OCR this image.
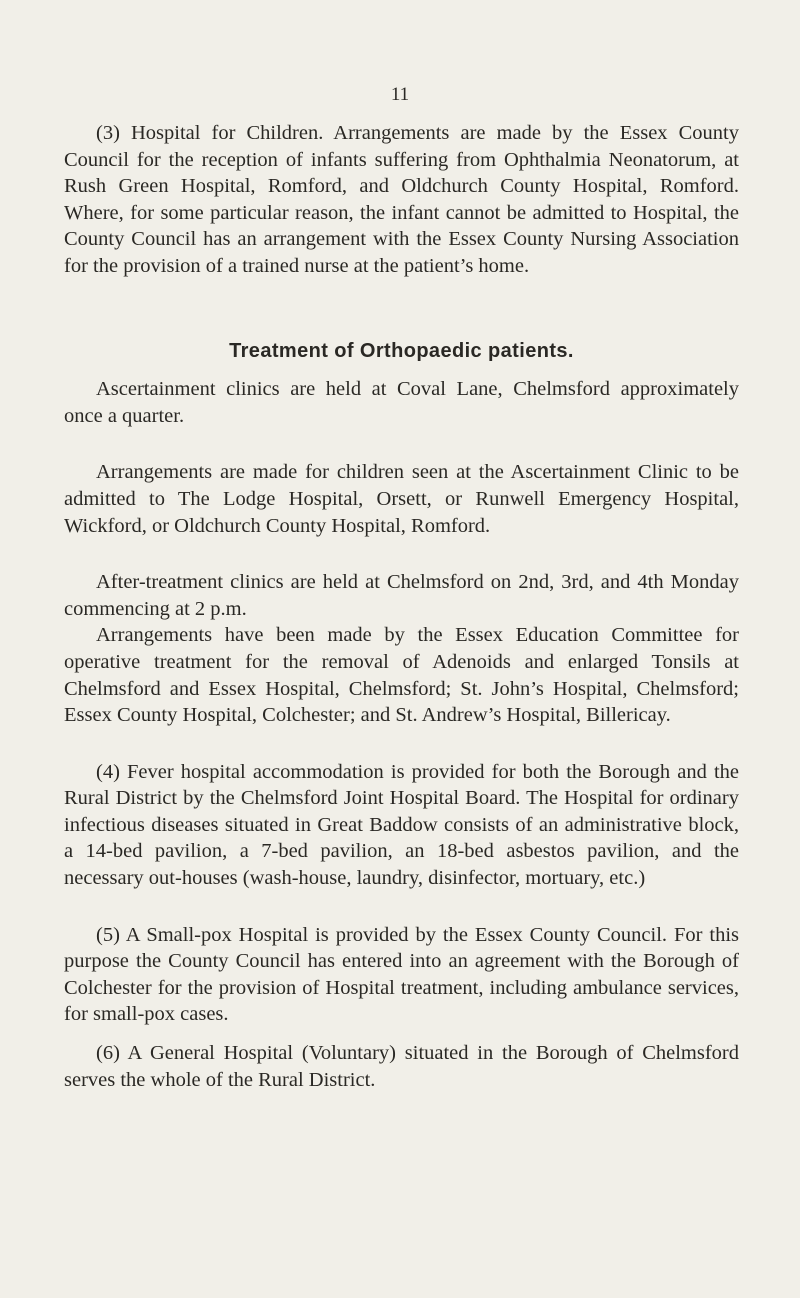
11

(3) Hospital for Children. Arrangements are made by the Essex County Council for the reception of infants suffering from Ophthalmia Neonatorum, at Rush Green Hospital, Romford, and Oldchurch County Hospital, Romford. Where, for some particular reason, the infant cannot be admitted to Hospital, the County Council has an arrangement with the Essex County Nursing Association for the provision of a trained nurse at the patient’s home.

Treatment of Orthopaedic patients.

Ascertainment clinics are held at Coval Lane, Chelmsford approximately once a quarter.

Arrangements are made for children seen at the Ascertainment Clinic to be admitted to The Lodge Hospital, Orsett, or Runwell Emergency Hospital, Wickford, or Oldchurch County Hospital, Romford.

After-treatment clinics are held at Chelmsford on 2nd, 3rd, and 4th Monday commencing at 2 p.m.

Arrangements have been made by the Essex Education Committee for operative treatment for the removal of Adenoids and enlarged Tonsils at Chelmsford and Essex Hospital, Chelmsford; St. John’s Hospital, Chelmsford; Essex County Hospital, Colchester; and St. Andrew’s Hospital, Billericay.

(4) Fever hospital accommodation is provided for both the Borough and the Rural District by the Chelmsford Joint Hospital Board. The Hospital for ordinary infectious diseases situated in Great Baddow consists of an administrative block, a 14-bed pavilion, a 7-bed pavilion, an 18-bed asbestos pavilion, and the necessary out-houses (wash-house, laundry, disinfector, mortuary, etc.)

(5) A Small-pox Hospital is provided by the Essex County Council. For this purpose the County Council has entered into an agreement with the Borough of Colchester for the provision of Hospital treatment, including ambulance services, for small-pox cases.

(6) A General Hospital (Voluntary) situated in the Borough of Chelmsford serves the whole of the Rural District.
